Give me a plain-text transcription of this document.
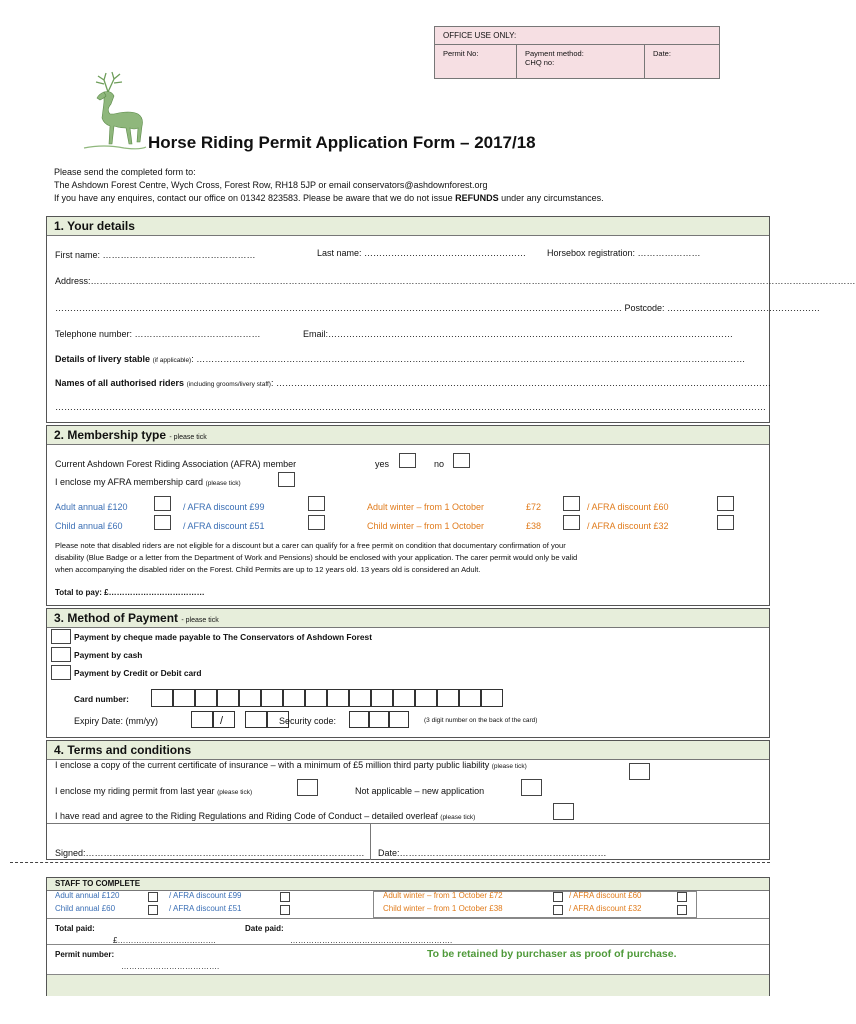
OFFICE USE ONLY:
Permit No:	Payment method:
CHQ no:
Date:
Horse Riding Permit Application Form – 2017/18
Please send the completed form to:
The Ashdown Forest Centre, Wych Cross, Forest Row, RH18 5JP or email conservators@ashdownforest.org
If you have any enquires, contact our office on 01342 823583. Please be aware that we do not issue REFUNDS under any circumstances.
1. Your details
First name: ……………………………………………	Last name: ……………………………………………… Horsebox registration: …………………
Address:…………………………………………………………………………………………………………………………………………………………………………………………………………………………………
……………………………………………………………………………………………………………………………………………………………………… Postcode: ……………………………………………
Telephone number: ……………………………………	Email:………………………………………………………………………………………………………………………
Details of livery stable (if applicable): …………………………………………………………………………………………………………………………………………………………………
Names of all authorised riders (including grooms/livery staff): …………………………………………………………………………………………………………………………………………………
…………………………………………………………………………………………………………………………………………………………………………………………………………………
2. Membership type - please tick
Current Ashdown Forest Riding Association (AFRA) member	yes	no
I enclose my AFRA membership card (please tick)
Adult annual £120	/ AFRA discount £99	Adult winter – from 1 October	£72	/ AFRA discount £60
Child annual £60	/ AFRA discount £51	Child winter – from 1 October	£38	/ AFRA discount £32
Please note that disabled riders are not eligible for a discount but a carer can qualify for a free permit on condition that documentary confirmation of your
disability (Blue Badge or a letter from the Department of Work and Pensions) should be enclosed with your application. The carer permit would only be valid
when accompanying the disabled rider on the Forest. Child Permits are up to 12 years old. 13 years old is considered an Adult.
Total to pay: £………………………………
3. Method of Payment - please tick
Payment by cheque made payable to The Conservators of Ashdown Forest
Payment by cash
Payment by Credit or Debit card
Card number:
Expiry Date: (mm/yy)	/	Security code:	(3 digit number on the back of the card)
4. Terms and conditions
I enclose a copy of the current certificate of insurance – with a minimum of £5 million third party public liability (please tick)
I enclose my riding permit from last year (please tick)	Not applicable – new application
I have read and agree to the Riding Regulations and Riding Code of Conduct – detailed overleaf (please tick)
Signed:………………………………………………………………………………… Date:……………………………………………………………
STAFF TO COMPLETE
Adult annual £120	/ AFRA discount £99	Adult winter – from 1 October £72	/ AFRA discount £60
Child annual £60	/ AFRA discount £51	Child winter – from 1 October £38	/ AFRA discount £32
Total paid:
£……………………………….
Date paid:
…………………………………………………….
Permit number:
……………………………….
To be retained by purchaser as proof of purchase.
